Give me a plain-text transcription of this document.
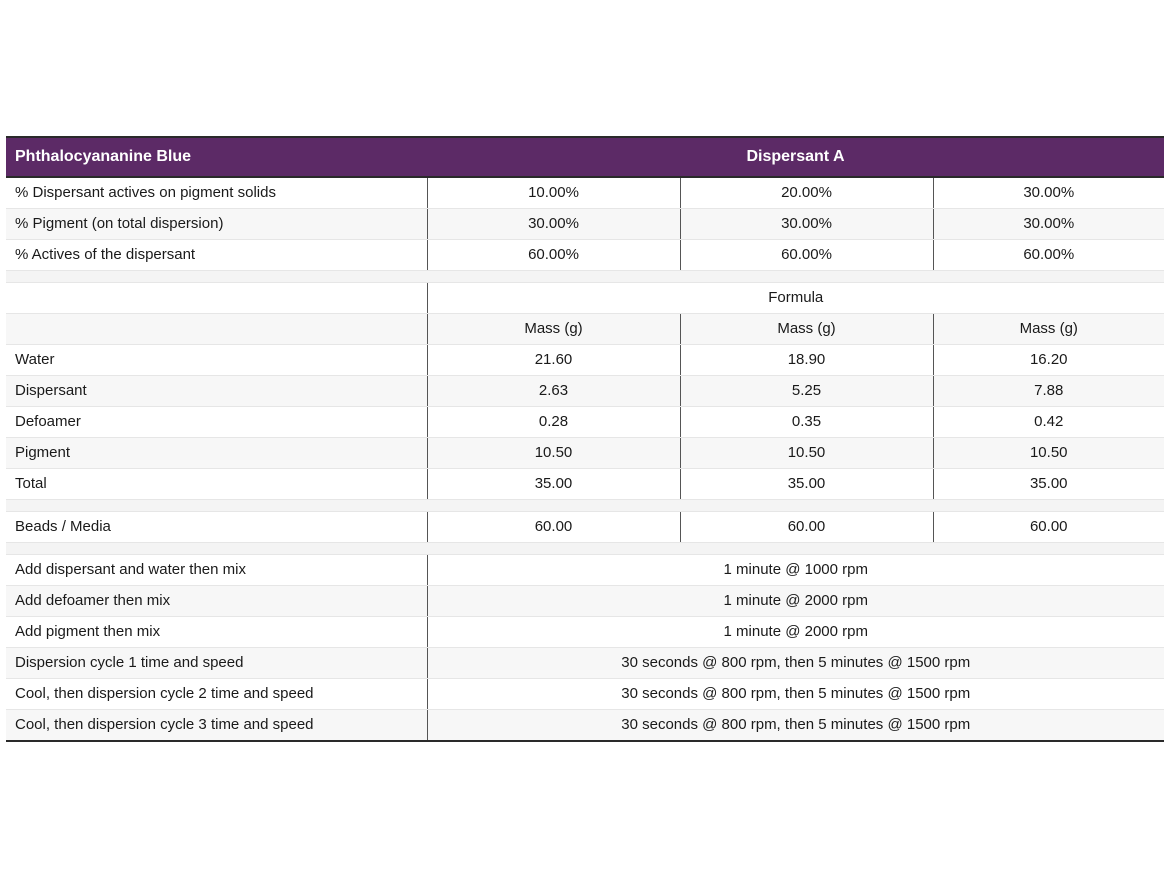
Phthalocyananine Blue	Dispersant A		
% Dispersant actives on pigment solids	10.00%	20.00%	30.00%
% Pigment (on total dispersion)	30.00%	30.00%	30.00%
% Actives of the dispersant	60.00%	60.00%	60.00%

	Formula		
	Mass (g)	Mass (g)	Mass (g)
Water	21.60	18.90	16.20
Dispersant	2.63	5.25	7.88
Defoamer	0.28	0.35	0.42
Pigment	10.50	10.50	10.50
Total	35.00	35.00	35.00

Beads / Media	60.00	60.00	60.00

Add dispersant and water then mix	1 minute @ 1000 rpm		
Add defoamer then mix	1 minute @ 2000 rpm		
Add pigment then mix	1 minute @ 2000 rpm		
Dispersion cycle 1 time and speed	30 seconds @ 800 rpm, then 5 minutes @ 1500 rpm		
Cool, then dispersion cycle 2 time and speed	30 seconds @ 800 rpm, then 5 minutes @ 1500 rpm		
Cool, then dispersion cycle 3 time and speed	30 seconds @ 800 rpm, then 5 minutes @ 1500 rpm		
